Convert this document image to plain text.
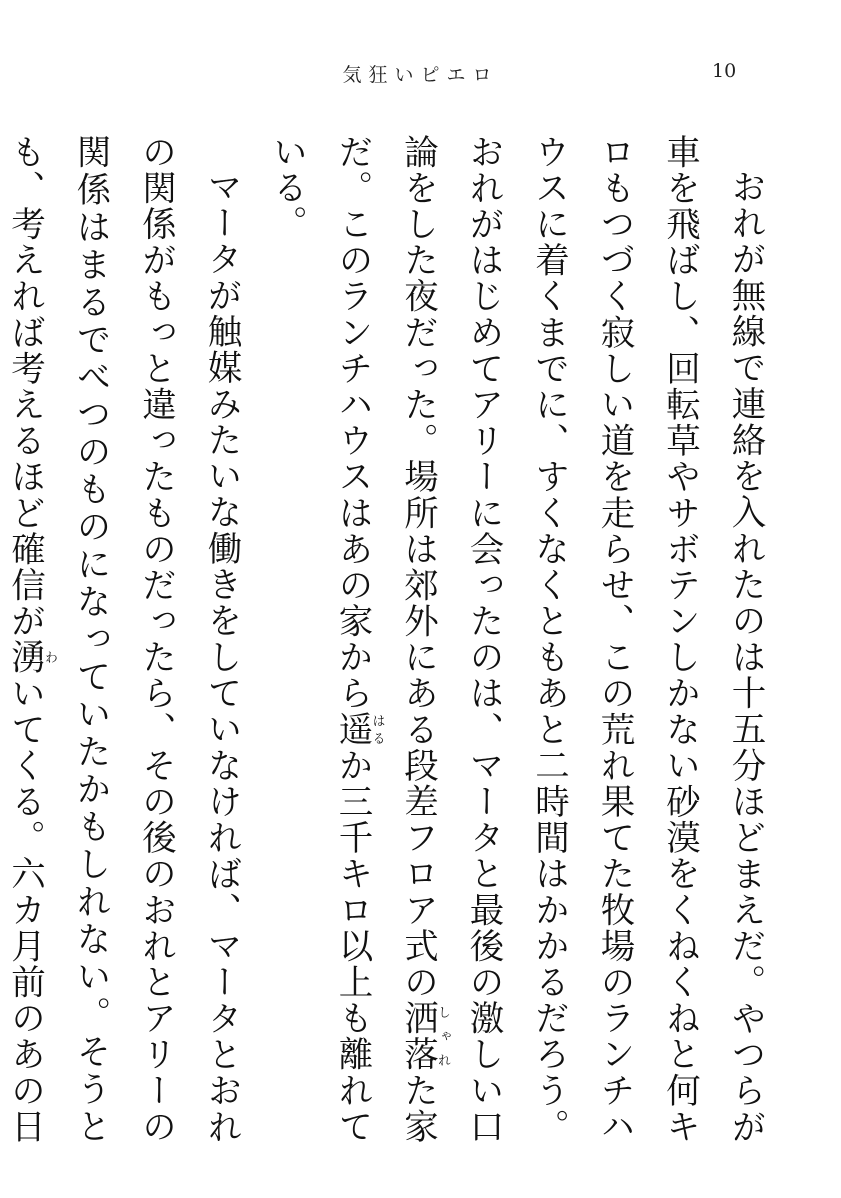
気狂いピエロ	10

おれが無線で連絡を入れたのは十五分ほどまえだ。やつらが車を飛ばし、回転草やサボテンしかない砂漠をくねくねと何キロもつづく寂しい道を走らせ、この荒れ果てた牧場のランチハウスに着くまでに、すくなくともあと二時間はかかるだろう。おれがはじめてアリーに会ったのは、マータと最後の激しい口論をした夜だった。場所は郊外にある段差フロア式の洒落しゃれた家だ。このランチハウスはあの家から遥はるか三千キロ以上も離れている。

マータが触媒みたいな働きをしていなければ、マータとおれの関係がもっと違ったものだったら、その後のおれとアリーの関係はまるでべつのものになっていたかもしれない。そうとも、考えれば考えるほど確信が湧わいてくる。六カ月前のあの日
